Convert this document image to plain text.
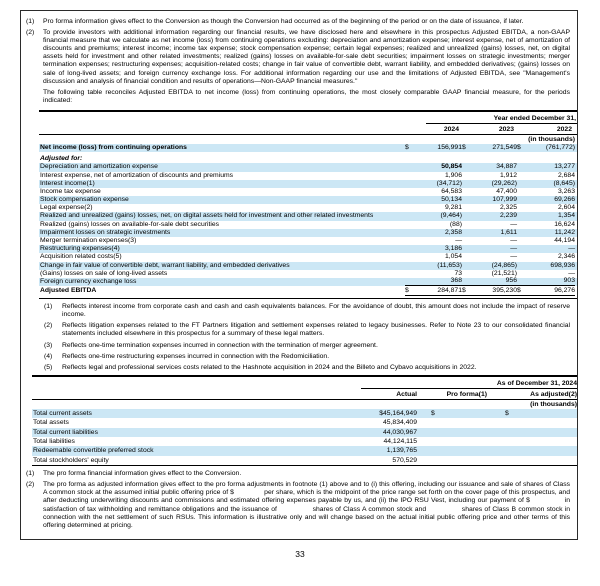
(1)	Pro forma information gives effect to the Conversion as though the Conversion had occurred as of the beginning of the period or on the date of issuance, if later.
(2)	To provide investors with additional information regarding our financial results, we have disclosed here and elsewhere in this prospectus Adjusted EBITDA, a non-GAAP financial measure that we calculate as net income (loss) from continuing operations excluding: depreciation and amortization expense; interest expense, net of amortization of discounts and premiums; interest income; income tax expense; stock compensation expense; certain legal expenses; realized and unrealized (gains) losses, net, on digital assets held for investment and other related investments; realized (gains) losses on available-for-sale debt securities; impairment losses on strategic investments; merger termination expenses; restructuring expenses; acquisition-related costs; change in fair value of convertible debt, warrant liability, and embedded derivatives; (gains) losses on sale of long-lived assets; and foreign currency exchange loss. For additional information regarding our use and the limitations of Adjusted EBITDA, see "Management's discussion and analysis of financial condition and results of operations—Non-GAAP financial measures."
The following table reconciles Adjusted EBITDA to net income (loss) from continuing operations, the most closely comparable GAAP financial measure, for the periods indicated:
Year ended December 31,
2024	2023	2022
(in thousands)
Net income (loss) from continuing operations	$	156,991 $	271,549 $	(761,772)
Adjusted for:
Depreciation and amortization expense	50,854	34,887	13,277
Interest expense, net of amortization of discounts and premiums	1,906	1,912	2,684
Interest income(1)	(34,712)	(29,262)	(8,645)
Income tax expense	64,583	47,400	3,263
Stock compensation expense	50,134	107,999	69,266
Legal expense(2)	9,281	2,325	2,604
Realized and unrealized (gains) losses, net, on digital assets held for investment and other related investments	(9,464)	2,239	1,354
Realized (gains) losses on available-for-sale debt securities	(88)	—	16,624
Impairment losses on strategic investments	2,358	1,611	11,242
Merger termination expenses(3)	—	—	44,194
Restructuring expenses(4)	3,186	—	—
Acquisition related costs(5)	1,054	—	2,346
Change in fair value of convertible debt, warrant liability, and embedded derivatives	(11,653)	(24,865)	698,936
(Gains) losses on sale of long-lived assets	73	(21,521)	—
Foreign currency exchange loss	368	956	903
Adjusted EBITDA	$	284,871 $	395,230 $	96,276
(1)	Reflects interest income from corporate cash and cash and cash equivalents balances. For the avoidance of doubt, this amount does not include the impact of reserve income.
(2)	Reflects litigation expenses related to the FT Partners litigation and settlement expenses related to legacy businesses. Refer to Note 23 to our consolidated financial statements included elsewhere in this prospectus for a summary of these legal matters.
(3)	Reflects one-time termination expenses incurred in connection with the termination of merger agreement.
(4)	Reflects one-time restructuring expenses incurred in connection with the Redomiciliation.
(5)	Reflects legal and professional services costs related to the Hashnote acquisition in 2024 and the Billeto and Cybavo acquisitions in 2022.
As of December 31, 2024
Actual	Pro forma(1)	As adjusted(2)
(in thousands)
Total current assets	$45,164,949 $	$
Total assets	45,834,409
Total current liabilities	44,030,967
Total liabilities	44,124,115
Redeemable convertible preferred stock	1,139,765
Total stockholders' equity	570,529
(1)	The pro forma financial information gives effect to the Conversion.
(2)	The pro forma as adjusted information gives effect to the pro forma adjustments in footnote (1) above and to (i) this offering, including our issuance and sale of shares of Class A common stock at the assumed initial public offering price of $               per share, which is the midpoint of the price range set forth on the cover page of this prospectus, and after deducting underwriting discounts and commissions and estimated offering expenses payable by us, and (ii) the IPO RSU Vest, including our payment of $               in satisfaction of tax withholding and remittance obligations and the issuance of                shares of Class A common stock and                shares of Class B common stock in connection with the net settlement of such RSUs. This information is illustrative only and will change based on the actual initial public offering price and other terms of this offering determined at pricing.
33
